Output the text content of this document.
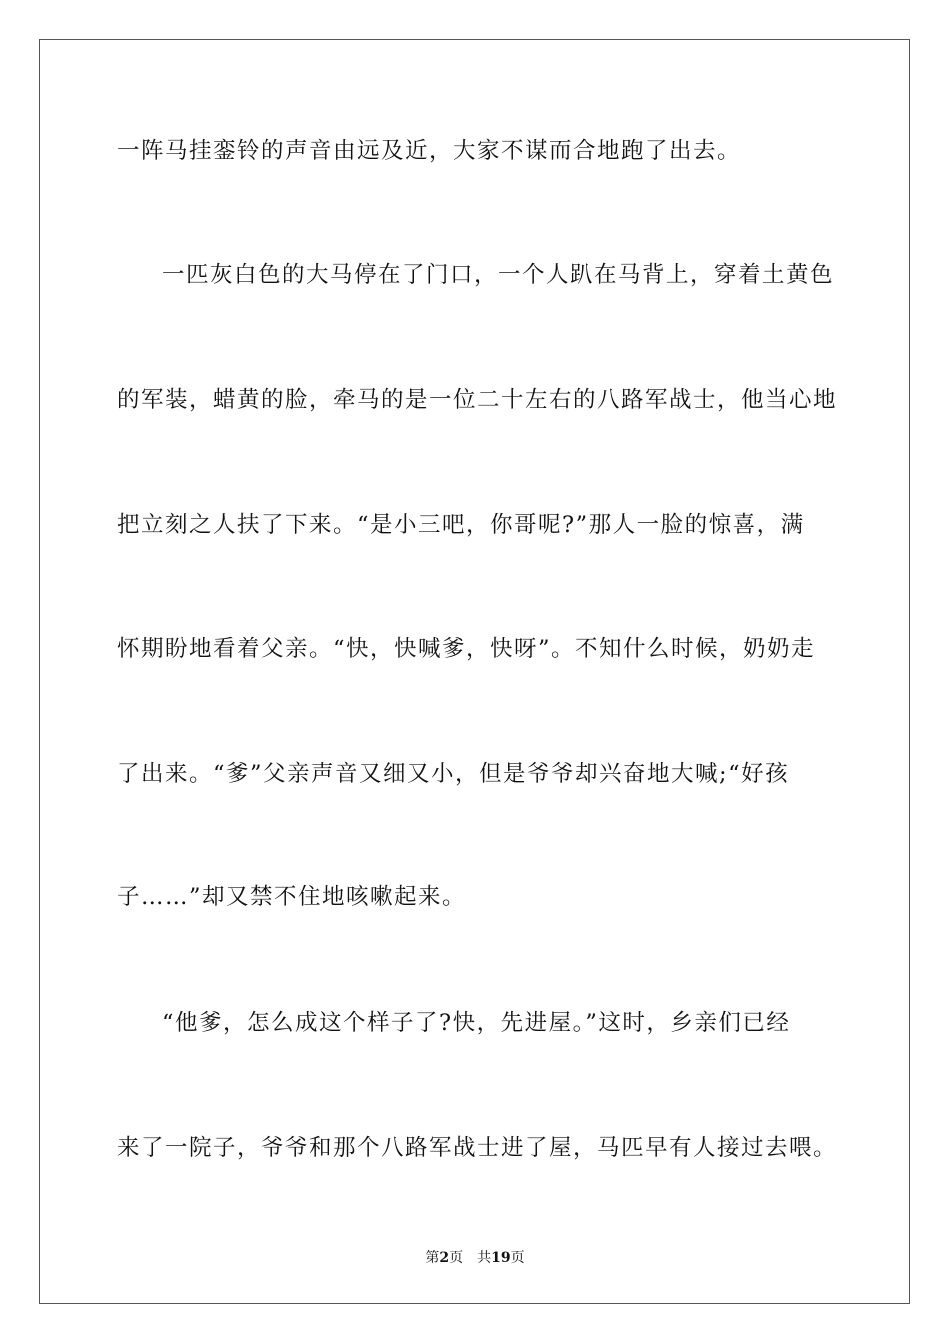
一阵马挂銮铃的声音由远及近，大家不谋而合地跑了出去。
一匹灰白色的大马停在了门口，一个人趴在马背上，穿着土黄色
的军装，蜡黄的脸，牵马的是一位二十左右的八路军战士，他当心地
把立刻之人扶了下来。“是小三吧，你哥呢?”那人一脸的惊喜，满
怀期盼地看着父亲。“快，快喊爹，快呀”。不知什么时候，奶奶走
了出来。“爹”父亲声音又细又小，但是爷爷却兴奋地大喊;“好孩
子……”却又禁不住地咳嗽起来。
“他爹，怎么成这个样子了?快，先进屋。”这时，乡亲们已经
来了一院子，爷爷和那个八路军战士进了屋，马匹早有人接过去喂。
第2页 共19页
